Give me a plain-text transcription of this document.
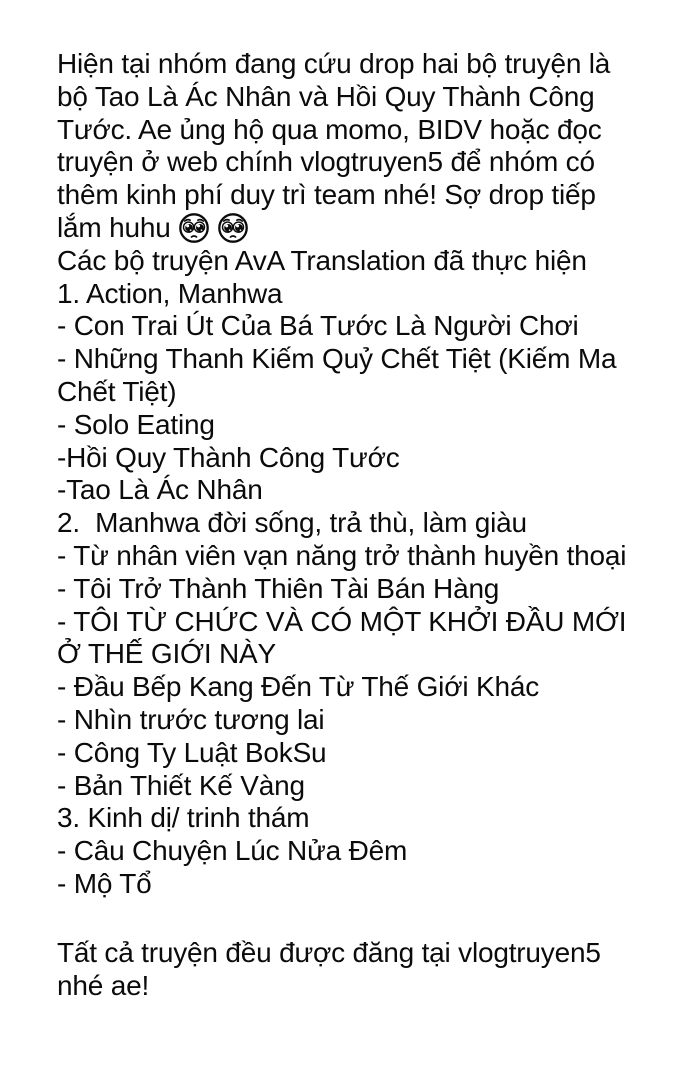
Hiện tại nhóm đang cứu drop hai bộ truyện là
bộ Tao Là Ác Nhân và Hồi Quy Thành Công
Tước. Ae ủng hộ qua momo, BIDV hoặc đọc
truyện ở web chính vlogtruyen5 để nhóm có
thêm kinh phí duy trì team nhé! Sợ drop tiếp
lắm huhu
Các bộ truyện AvA Translation đã thực hiện
1. Action, Manhwa
- Con Trai Út Của Bá Tước Là Người Chơi
- Những Thanh Kiếm Quỷ Chết Tiệt (Kiếm Ma
Chết Tiệt)
- Solo Eating
-Hồi Quy Thành Công Tước
-Tao Là Ác Nhân
2.  Manhwa đời sống, trả thù, làm giàu
- Từ nhân viên vạn năng trở thành huyền thoại
- Tôi Trở Thành Thiên Tài Bán Hàng
- TÔI TỪ CHỨC VÀ CÓ MỘT KHỞI ĐẦU MỚI
Ở THẾ GIỚI NÀY
- Đầu Bếp Kang Đến Từ Thế Giới Khác
- Nhìn trước tương lai
- Công Ty Luật BokSu
- Bản Thiết Kế Vàng
3. Kinh dị/ trinh thám
- Câu Chuyện Lúc Nửa Đêm
- Mộ Tổ
Tất cả truyện đều được đăng tại vlogtruyen5
nhé ae!
